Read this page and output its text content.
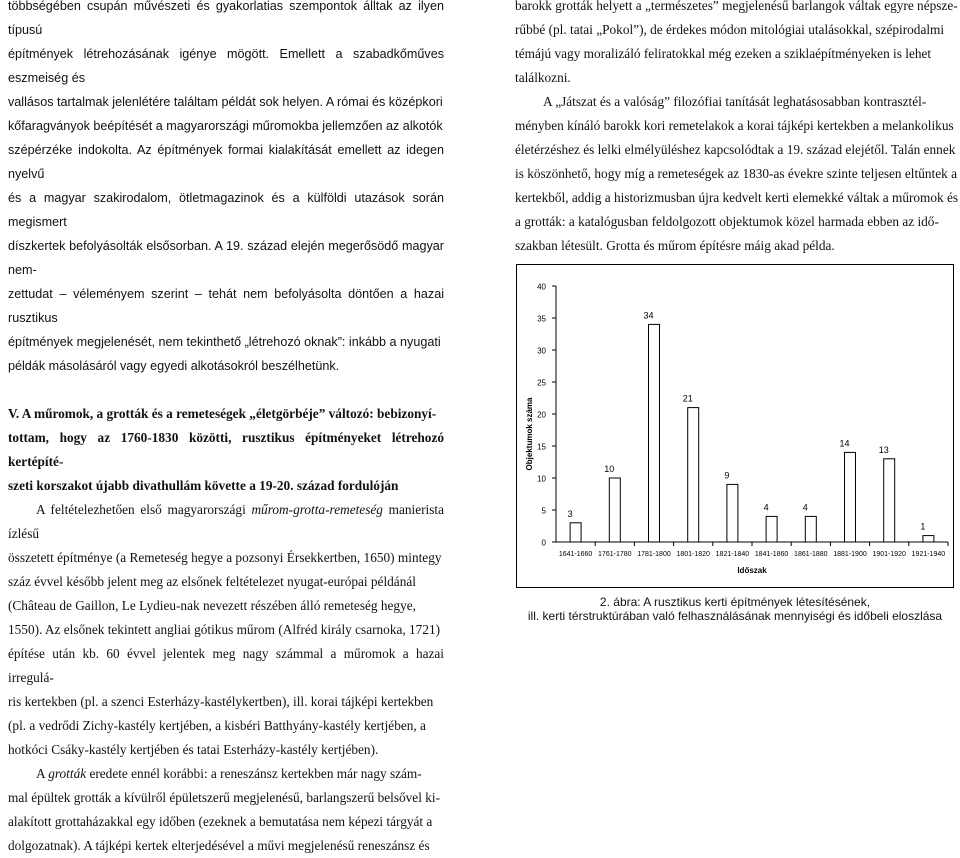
többségében csupán művészeti és gyakorlatias szempontok álltak az ilyen típusú

építmények létrehozásának igénye mögött. Emellett a szabadkőműves eszmeiség és

vallásos tartalmak jelenlétére találtam példát sok helyen. A római és középkori

kőfaragványok beépítését a magyarországi műromokba jellemzően az alkotók

szépérzéke indokolta. Az építmények formai kialakítását emellett az idegen nyelvű

és a magyar szakirodalom, ötletmagazinok és a külföldi utazások során megismert

díszkertek befolyásolták elsősorban. A 19. század elején megerősödő magyar nem-

zettudat – véleményem szerint – tehát nem befolyásolta döntően a hazai rusztikus

építmények megjelenését, nem tekinthető „létrehozó oknak”: inkább a nyugati

példák másolásáról vagy egyedi alkotásokról beszélhetünk.

V. A műromok, a grották és a remeteségek „életgörbéje” változó: bebizonyí-

tottam, hogy az 1760-1830 közötti, rusztikus építményeket létrehozó kertépíté-

szeti korszakot újabb divathullám követte a 19-20. század fordulóján

A feltételezhetően első magyarországi műrom-grotta-remeteség manierista ízlésű

összetett építménye (a Remeteség hegye a pozsonyi Érsekkertben, 1650) mintegy

száz évvel később jelent meg az elsőnek feltételezet nyugat-európai példánál

(Château de Gaillon, Le Lydieu-nak nevezett részében álló remeteség hegye,

1550). Az elsőnek tekintett angliai gótikus műrom (Alfréd király csarnoka, 1721)

építése után kb. 60 évvel jelentek meg nagy számmal a műromok a hazai irregulá-

ris kertekben (pl. a szenci Esterházy-kastélykertben), ill. korai tájképi kertekben

(pl. a vedrődi Zichy-kastély kertjében, a kisbéri Batthyány-kastély kertjében, a

hotkóci Csáky-kastély kertjében és tatai Esterházy-kastély kertjében).

A grották eredete ennél korábbi: a reneszánsz kertekben már nagy szám-

mal épültek grották a kívülről épületszerű megjelenésű, barlangszerű belsővel ki-

alakított grottaházakkal egy időben (ezeknek a bemutatása nem képezi tárgyát a

dolgozatnak). A tájképi kertek elterjedésével a művi megjelenésű reneszánsz és

barokk grották helyett a „természetes” megjelenésű barlangok váltak egyre népsze-

rűbbé (pl. tatai „Pokol”), de érdekes módon mitológiai utalásokkal, szépirodalmi

témájú vagy moralizáló feliratokkal még ezeken a sziklaépítményeken is lehet

találkozni.

A „Játszat és a valóság” filozófiai tanítását leghatásosabban kontrasztél-

ményben kínáló barokk kori remetelakok a korai tájképi kertekben a melankolikus

életérzéshez és lelki elmélyüléshez kapcsolódtak a 19. század elejétől. Talán ennek

is köszönhető, hogy míg a remeteségek az 1830-as évekre szinte teljesen eltűntek a

kertekből, addig a historizmusban újra kedvelt kerti elemekké váltak a műromok és

a grották: a katalógusban feldolgozott objektumok közel harmada ebben az idő-

szakban létesült. Grotta és műrom építésre máig akad példa.

0
5
10
15
20
25
30
35
40
3
1641-1660
10
1761-1780
34
1781-1800
21
1801-1820
9
1821-1840
4
1841-1860
4
1861-1880
14
1881-1900
13
1901-1920
1
1921-1940
Időszak
Objektumok száma
2. ábra: A rusztikus kerti építmények létesítésének,
ill. kerti térstruktúrában való felhasználásának mennyiségi és időbeli eloszlása
